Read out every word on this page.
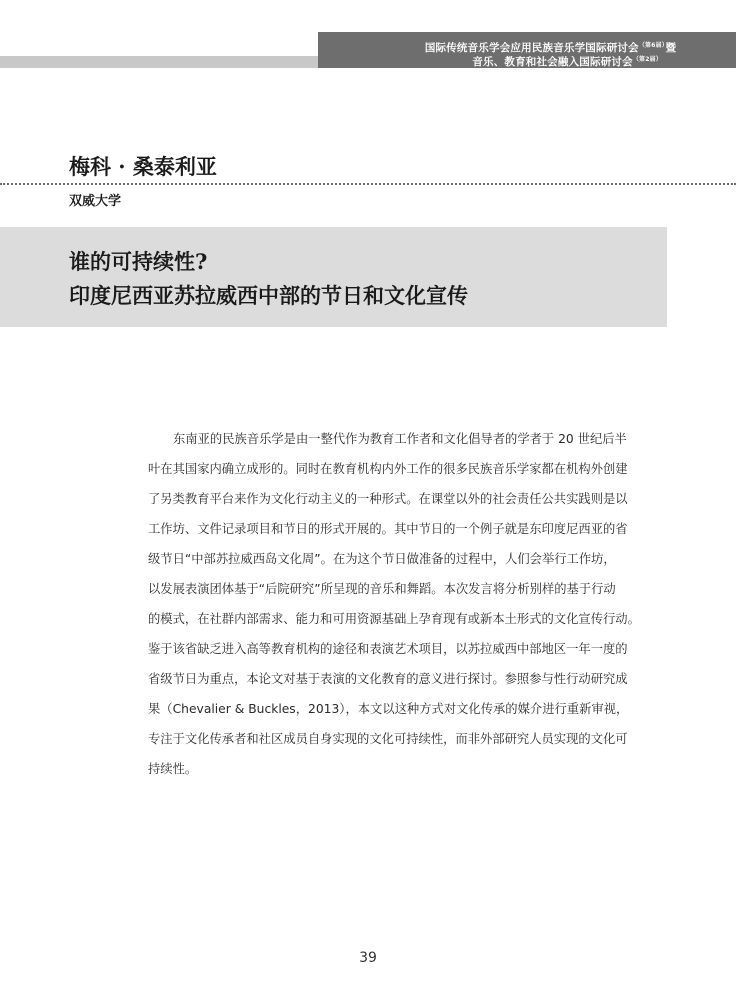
国际传统音乐学会应用民族音乐学国际研讨会$^{(第6届)}$
暨
音乐、教育和社会融入国际研讨会$^{(第2届)}$
梅科 · 桑泰利亚
双威大学
谁的可持续性?
印度尼西亚苏拉威西中部的节日和文化宣传
东南亚的民族音乐学是由一整代作为教育工作者和文化倡导者的学者于 20 世纪后半
叶在其国家内确立成形的。同时在教育机构内外工作的很多民族音乐学家都在机构外创建
了另类教育平台来作为文化行动主义的一种形式。在课堂以外的社会责任公共实践则是以
工作坊、文件记录项目和节日的形式开展的。其中节日的一个例子就是东印度尼西亚的省
级节日“中部苏拉威西岛文化周”。在为这个节日做准备的过程中，人们会举行工作坊，
以发展表演团体基于“后院研究”所呈现的音乐和舞蹈。本次发言将分析别样的基于行动
的模式，在社群内部需求、能力和可用资源基础上孕育现有或新本土形式的文化宣传行动。
鉴于该省缺乏进入高等教育机构的途径和表演艺术项目，以苏拉威西中部地区一年一度的
省级节日为重点，本论文对基于表演的文化教育的意义进行探讨。参照参与性行动研究成
果（Chevalier & Buckles，2013），本文以这种方式对文化传承的媒介进行重新审视，
专注于文化传承者和社区成员自身实现的文化可持续性，而非外部研究人员实现的文化可
持续性。
39
